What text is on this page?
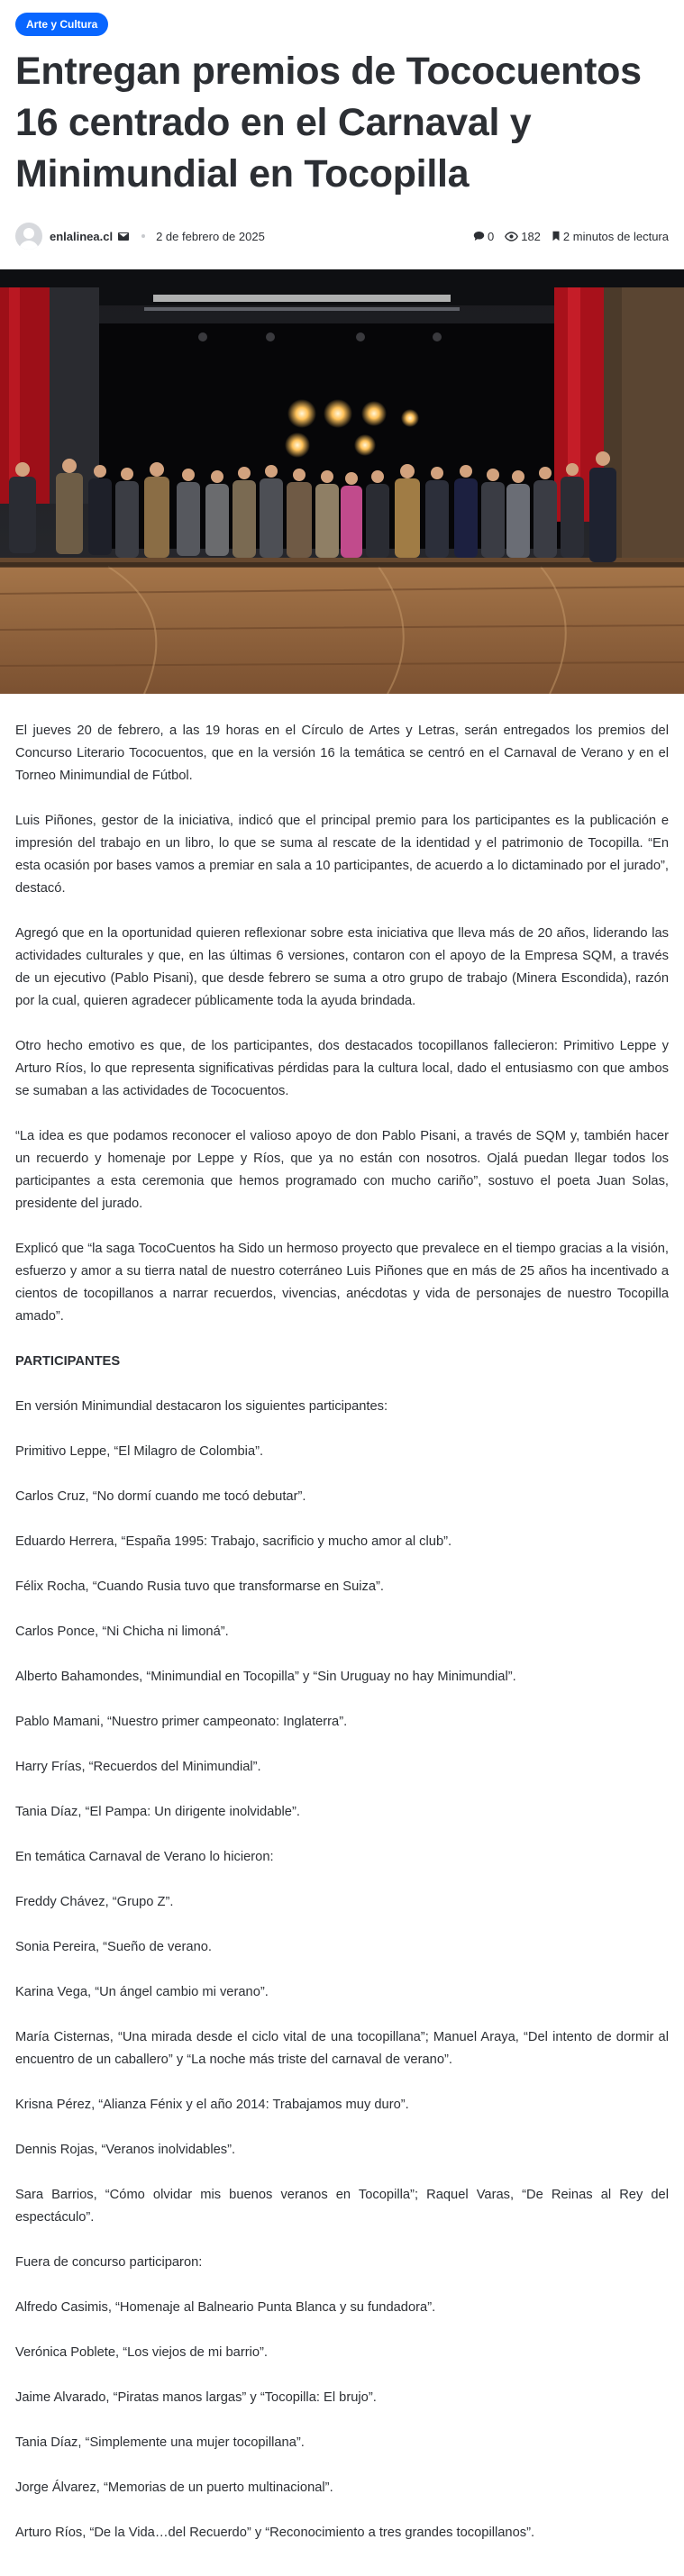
Arte y Cultura
Entregan premios de Tococuentos 16 centrado en el Carnaval y Minimundial en Tocopilla
enlalinea.cl	2 de febrero de 2025	0 182 2 minutos de lectura

El jueves 20 de febrero, a las 19 horas en el Círculo de Artes y Letras, serán entregados los premios del Concurso Literario Tococuentos, que en la versión 16 la temática se centró en el Carnaval de Verano y en el Torneo Minimundial de Fútbol.

Luis Piñones, gestor de la iniciativa, indicó que el principal premio para los participantes es la publicación e impresión del trabajo en un libro, lo que se suma al rescate de la identidad y el patrimonio de Tocopilla. “En esta ocasión por bases vamos a premiar en sala a 10 participantes, de acuerdo a lo dictaminado por el jurado”, destacó.

Agregó que en la oportunidad quieren reflexionar sobre esta iniciativa que lleva más de 20 años, liderando las actividades culturales y que, en las últimas 6 versiones, contaron con el apoyo de la Empresa SQM, a través de un ejecutivo (Pablo Pisani), que desde febrero se suma a otro grupo de trabajo (Minera Escondida), razón por la cual, quieren agradecer públicamente toda la ayuda brindada.

Otro hecho emotivo es que, de los participantes, dos destacados tocopillanos fallecieron: Primitivo Leppe y Arturo Ríos, lo que representa significativas pérdidas para la cultura local, dado el entusiasmo con que ambos se sumaban a las actividades de Tococuentos.

“La idea es que podamos reconocer el valioso apoyo de don Pablo Pisani, a través de SQM y, también hacer un recuerdo y homenaje por Leppe y Ríos, que ya no están con nosotros. Ojalá puedan llegar todos los participantes a esta ceremonia que hemos programado con mucho cariño”, sostuvo el poeta Juan Solas, presidente del jurado.

Explicó que “la saga TocoCuentos ha Sido un hermoso proyecto que prevalece en el tiempo gracias a la visión, esfuerzo y amor a su tierra natal de nuestro coterráneo Luis Piñones que en más de 25 años ha incentivado a cientos de tocopillanos a narrar recuerdos, vivencias, anécdotas y vida de personajes de nuestro Tocopilla amado”.

PARTICIPANTES

En versión Minimundial destacaron los siguientes participantes:

Primitivo Leppe, “El Milagro de Colombia”.

Carlos Cruz, “No dormí cuando me tocó debutar”.

Eduardo Herrera, “España 1995: Trabajo, sacrificio y mucho amor al club”.

Félix Rocha, “Cuando Rusia tuvo que transformarse en Suiza”.

Carlos Ponce, “Ni Chicha ni limoná”.

Alberto Bahamondes, “Minimundial en Tocopilla” y “Sin Uruguay no hay Minimundial”.

Pablo Mamani, “Nuestro primer campeonato: Inglaterra”.

Harry Frías, “Recuerdos del Minimundial”.

Tania Díaz, “El Pampa: Un dirigente inolvidable”.

En temática Carnaval de Verano lo hicieron:

Freddy Chávez, “Grupo Z”.

Sonia Pereira, “Sueño de verano.

Karina Vega, “Un ángel cambio mi verano”.

María Cisternas, “Una mirada desde el ciclo vital de una tocopillana”; Manuel Araya, “Del intento de dormir al encuentro de un caballero” y “La noche más triste del carnaval de verano”.

Krisna Pérez, “Alianza Fénix y el año 2014: Trabajamos muy duro”.

Dennis Rojas, “Veranos inolvidables”.

Sara Barrios, “Cómo olvidar mis buenos veranos en Tocopilla”; Raquel Varas, “De Reinas al Rey del espectáculo”.

Fuera de concurso participaron:

Alfredo Casimis, “Homenaje al Balneario Punta Blanca y su fundadora”.

Verónica Poblete, “Los viejos de mi barrio”.

Jaime Alvarado, “Piratas manos largas” y “Tocopilla: El brujo”.

Tania Díaz, “Simplemente una mujer tocopillana”.

Jorge Álvarez, “Memorias de un puerto multinacional”.

Arturo Ríos, “De la Vida…del Recuerdo” y “Reconocimiento a tres grandes tocopillanos”.
